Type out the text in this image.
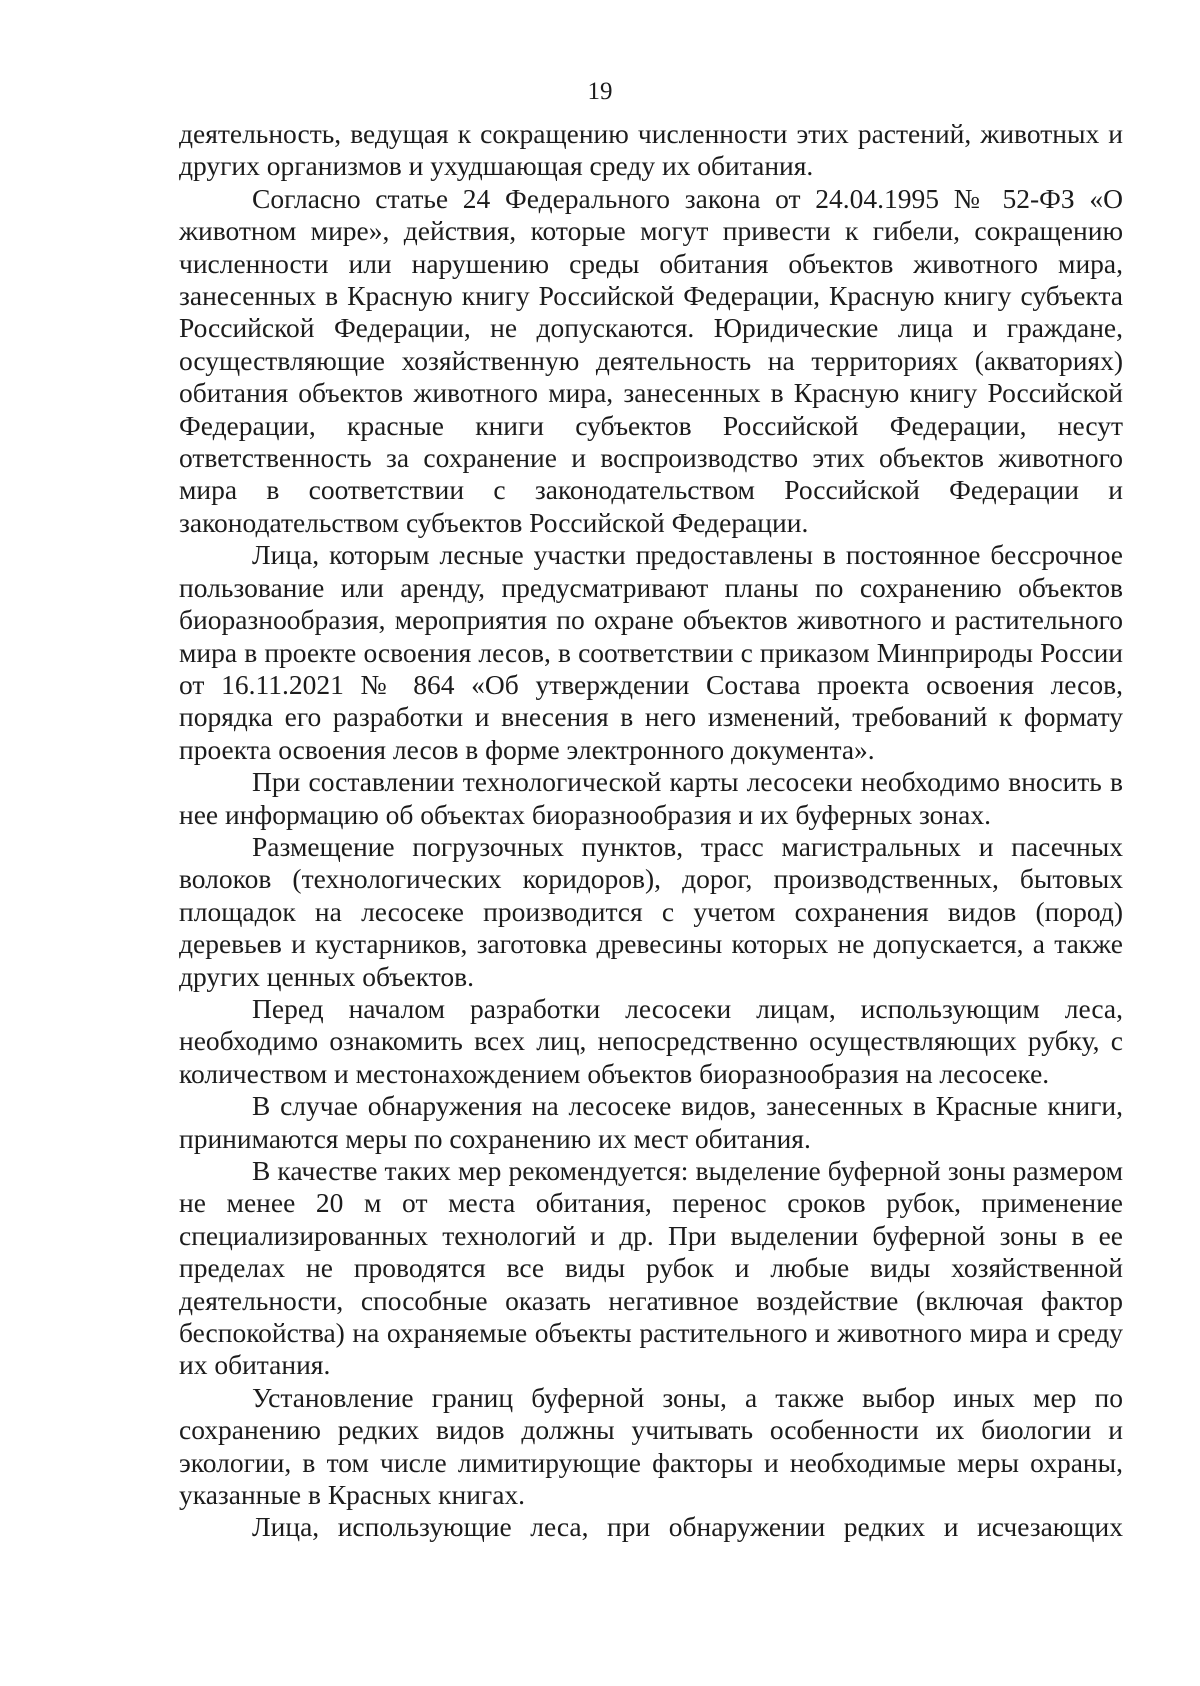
19

деятельность, ведущая к сокращению численности этих растений, животных и других организмов и ухудшающая среду их обитания.

Согласно статье 24 Федерального закона от 24.04.1995 № 52-ФЗ «О животном мире», действия, которые могут привести к гибели, сокращению численности или нарушению среды обитания объектов животного мира, занесенных в Красную книгу Российской Федерации, Красную книгу субъекта Российской Федерации, не допускаются. Юридические лица и граждане, осуществляющие хозяйственную деятельность на территориях (акваториях) обитания объектов животного мира, занесенных в Красную книгу Российской Федерации, красные книги субъектов Российской Федерации, несут ответственность за сохранение и воспроизводство этих объектов животного мира в соответствии с законодательством Российской Федерации и законодательством субъектов Российской Федерации.

Лица, которым лесные участки предоставлены в постоянное бессрочное пользование или аренду, предусматривают планы по сохранению объектов биоразнообразия, мероприятия по охране объектов животного и растительного мира в проекте освоения лесов, в соответствии с приказом Минприроды России от 16.11.2021 № 864 «Об утверждении Состава проекта освоения лесов, порядка его разработки и внесения в него изменений, требований к формату проекта освоения лесов в форме электронного документа».

При составлении технологической карты лесосеки необходимо вносить в нее информацию об объектах биоразнообразия и их буферных зонах.

Размещение погрузочных пунктов, трасс магистральных и пасечных волоков (технологических коридоров), дорог, производственных, бытовых площадок на лесосеке производится с учетом сохранения видов (пород) деревьев и кустарников, заготовка древесины которых не допускается, а также других ценных объектов.

Перед началом разработки лесосеки лицам, использующим леса, необходимо ознакомить всех лиц, непосредственно осуществляющих рубку, с количеством и местонахождением объектов биоразнообразия на лесосеке.

В случае обнаружения на лесосеке видов, занесенных в Красные книги, принимаются меры по сохранению их мест обитания.

В качестве таких мер рекомендуется: выделение буферной зоны размером не менее 20 м от места обитания, перенос сроков рубок, применение специализированных технологий и др. При выделении буферной зоны в ее пределах не проводятся все виды рубок и любые виды хозяйственной деятельности, способные оказать негативное воздействие (включая фактор беспокойства) на охраняемые объекты растительного и животного мира и среду их обитания.

Установление границ буферной зоны, а также выбор иных мер по сохранению редких видов должны учитывать особенности их биологии и экологии, в том числе лимитирующие факторы и необходимые меры охраны, указанные в Красных книгах.

Лица, использующие леса, при обнаружении редких и исчезающих
